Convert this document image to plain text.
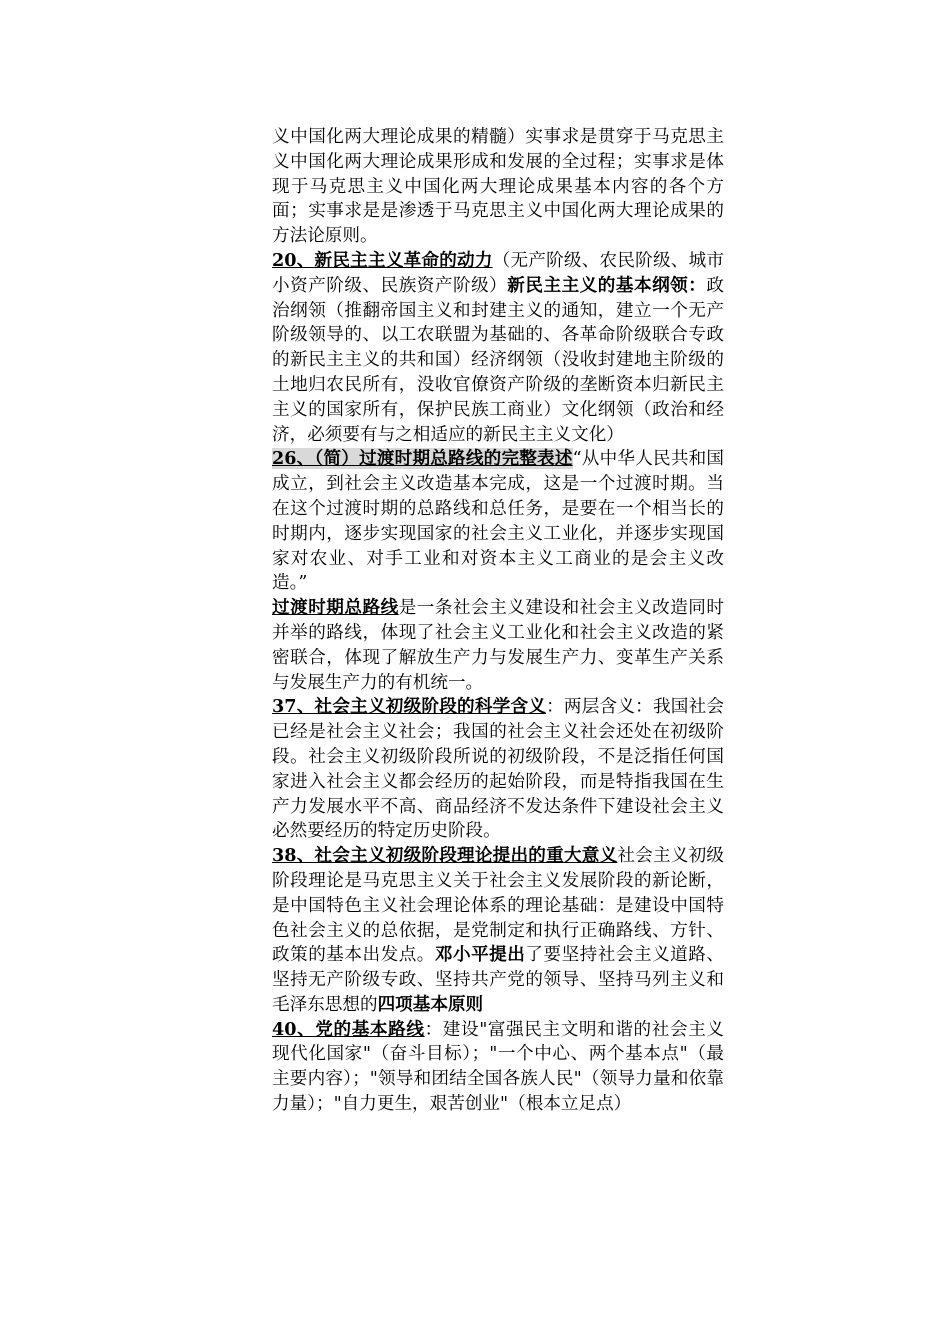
义中国化两大理论成果的精髓）实事求是贯穿于马克思主义中国化两大理论成果形成和发展的全过程；实事求是体现于马克思主义中国化两大理论成果基本内容的各个方面；实事求是是渗透于马克思主义中国化两大理论成果的方法论原则。

20、新民主主义革命的动力（无产阶级、农民阶级、城市小资产阶级、民族资产阶级）新民主主义的基本纲领：政治纲领（推翻帝国主义和封建主义的通知，建立一个无产阶级领导的、以工农联盟为基础的、各革命阶级联合专政的新民主主义的共和国）经济纲领（没收封建地主阶级的土地归农民所有，没收官僚资产阶级的垄断资本归新民主主义的国家所有，保护民族工商业）文化纲领（政治和经济，必须要有与之相适应的新民主主义文化）

26、（简）过渡时期总路线的完整表述“从中华人民共和国成立，到社会主义改造基本完成，这是一个过渡时期。当在这个过渡时期的总路线和总任务，是要在一个相当长的时期内，逐步实现国家的社会主义工业化，并逐步实现国家对农业、对手工业和对资本主义工商业的是会主义改造。”

过渡时期总路线是一条社会主义建设和社会主义改造同时并举的路线，体现了社会主义工业化和社会主义改造的紧密联合，体现了解放生产力与发展生产力、变革生产关系与发展生产力的有机统一。

37、社会主义初级阶段的科学含义：两层含义：我国社会已经是社会主义社会；我国的社会主义社会还处在初级阶段。社会主义初级阶段所说的初级阶段，不是泛指任何国家进入社会主义都会经历的起始阶段，而是特指我国在生产力发展水平不高、商品经济不发达条件下建设社会主义必然要经历的特定历史阶段。

38、社会主义初级阶段理论提出的重大意义社会主义初级阶段理论是马克思主义关于社会主义发展阶段的新论断，是中国特色主义社会理论体系的理论基础：是建设中国特色社会主义的总依据，是党制定和执行正确路线、方针、政策的基本出发点。邓小平提出了要坚持社会主义道路、坚持无产阶级专政、坚持共产党的领导、坚持马列主义和毛泽东思想的四项基本原则

40、党的基本路线：建设"富强民主文明和谐的社会主义现代化国家"（奋斗目标）；"一个中心、两个基本点"（最主要内容）；"领导和团结全国各族人民"（领导力量和依靠力量）；"自力更生，艰苦创业"（根本立足点）
